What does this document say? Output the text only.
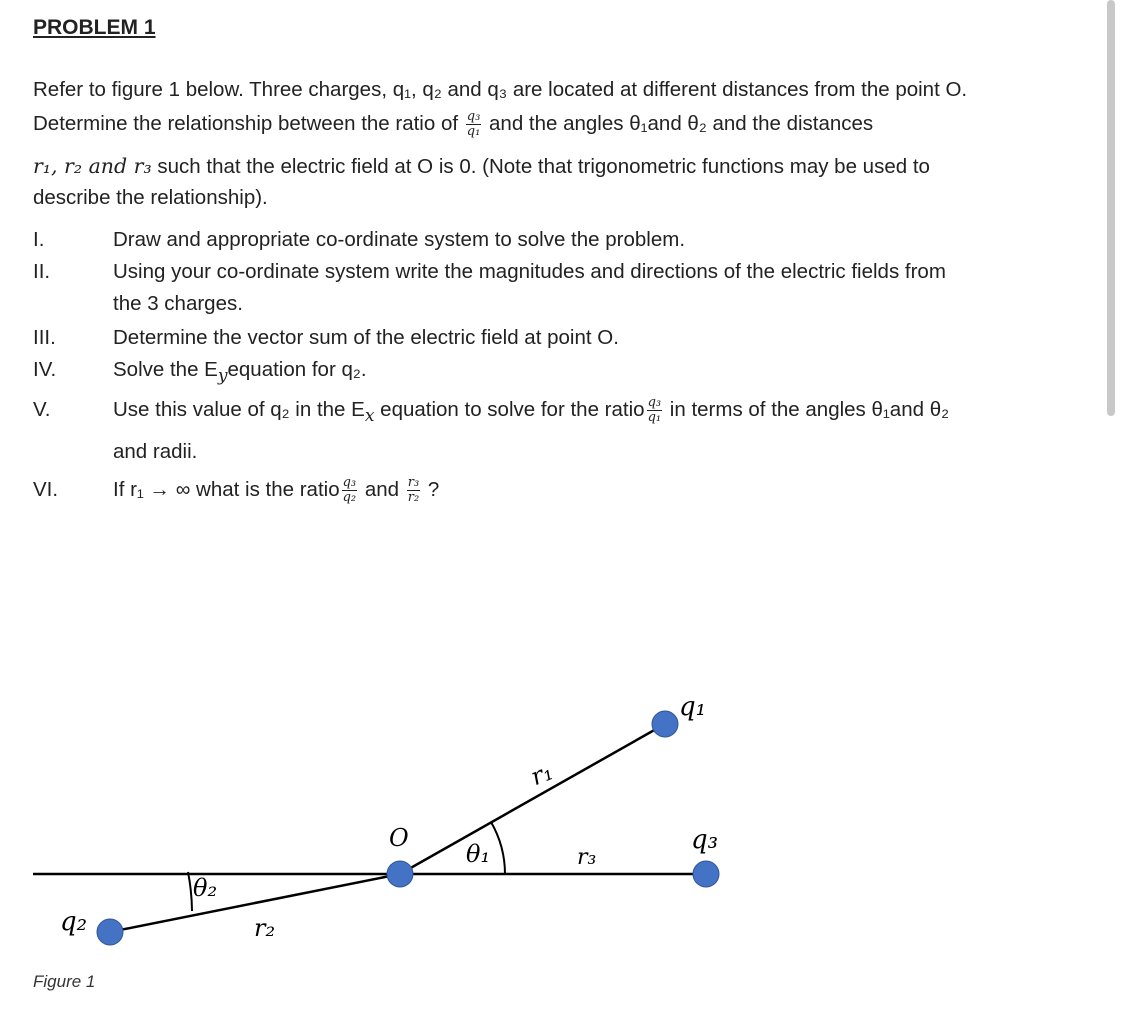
PROBLEM 1

Refer to figure 1 below. Three charges, q₁, q₂ and q₃ are located at different distances from the point O.

Determine the relationship between the ratio of $\frac{\text{q₃}}{\text{q₁}}$ and the angles θ₁and θ₂ and the distances

r₁, r₂ and r₃ such that the electric field at O is 0. (Note that trigonometric functions may be used to

describe the relationship).

I.	Draw and appropriate co-ordinate system to solve the problem.
II.	Using your co-ordinate system write the magnitudes and directions of the electric fields from
the 3 charges.
III.	Determine the vector sum of the electric field at point O.
IV.	Solve the $E_yequation$ for q₂.
V.	Use this value of q₂ in the $E_x$ equation to solve for the ratio $\frac{\text{q₃}}{\text{q₁}}$ in terms of the angles θ₁and θ₂
and radii.
VI.	If r₁ → ∞ what is the ratio $\frac{\text{q₃}}{\text{q₂}}$ and $\frac{\text{r₃}}{\text{r₂}}$ ?
q₁
q₃
O
q₂
r₁
r₃
r₂
θ₁
θ₂
Figure 1
